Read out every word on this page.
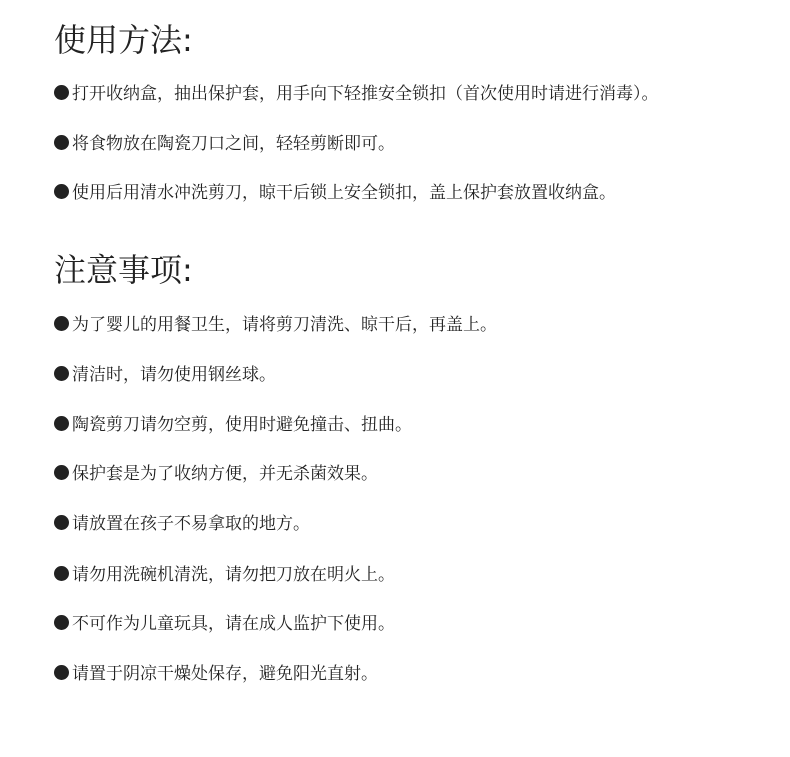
使用方法:
打开收纳盒，抽出保护套，用手向下轻推安全锁扣（首次使用时请进行消毒）。
将食物放在陶瓷刀口之间，轻轻剪断即可。
使用后用清水冲洗剪刀，晾干后锁上安全锁扣，盖上保护套放置收纳盒。
注意事项:
为了婴儿的用餐卫生，请将剪刀清洗、晾干后，再盖上。
清洁时，请勿使用钢丝球。
陶瓷剪刀请勿空剪，使用时避免撞击、扭曲。
保护套是为了收纳方便，并无杀菌效果。
请放置在孩子不易拿取的地方。
请勿用洗碗机清洗，请勿把刀放在明火上。
不可作为儿童玩具，请在成人监护下使用。
请置于阴凉干燥处保存，避免阳光直射。
